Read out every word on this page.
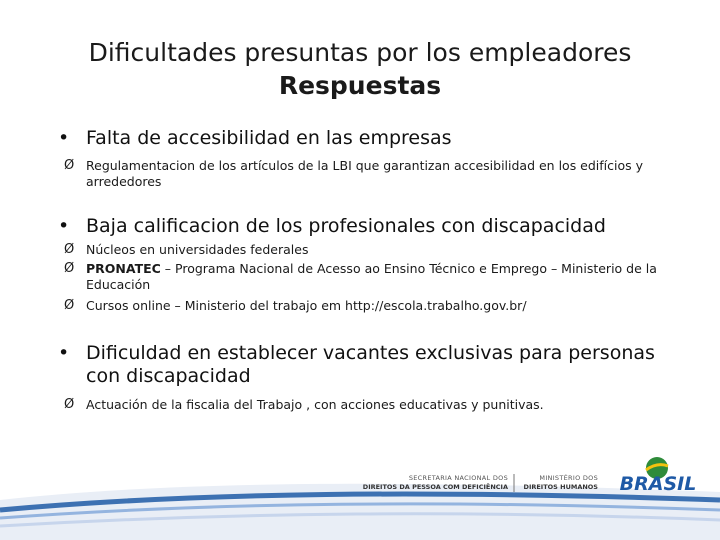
Dificultades presuntas por los empleadores
Respuestas
• Falta de accesibilidad en las empresas
Ø Regulamentacion de los artículos de la LBI que garantizan accesibilidad en los edifícios y arrededores
• Baja calificacion de los profesionales con discapacidad
Ø Núcleos en universidades federales
Ø PRONATEC – Programa Nacional de Acesso ao Ensino Técnico e Emprego – Ministerio de la Educación
Ø Cursos online – Ministerio del trabajo em http://escola.trabalho.gov.br/
• Dificuldad en establecer vacantes exclusivas para personas con discapacidad
Ø Actuación de la fiscalia del Trabajo , con acciones educativas y punitivas.
SECRETARIA NACIONAL DOS
DIREITOS DA PESSOA COM DEFICIÊNCIA
MINISTÉRIO DOS
DIREITOS HUMANOS BRASIL
